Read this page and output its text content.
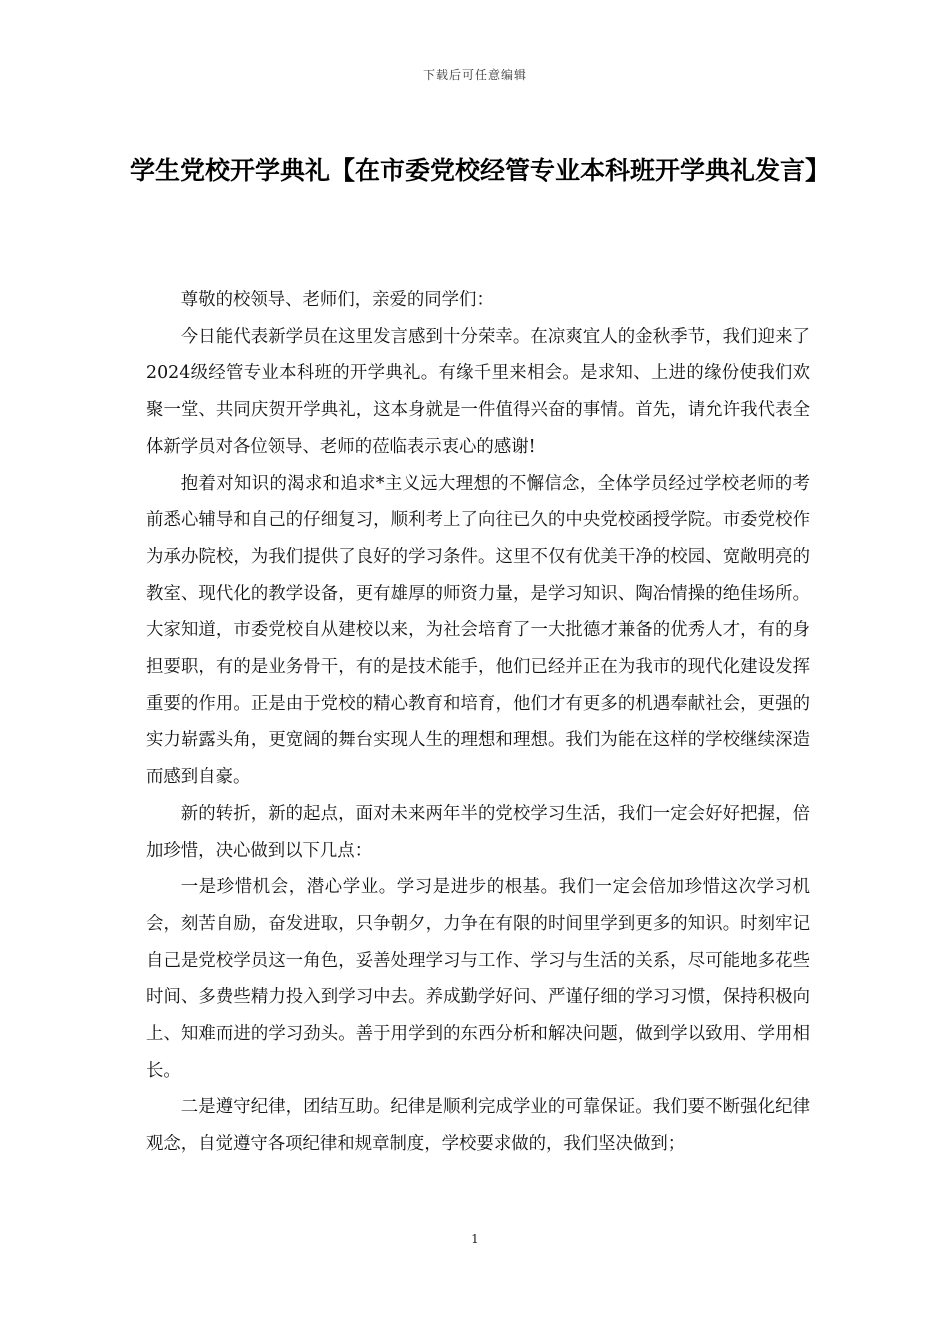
下载后可任意编辑
学生党校开学典礼【在市委党校经管专业本科班开学典礼发言】

尊敬的校领导、老师们，亲爱的同学们：

今日能代表新学员在这里发言感到十分荣幸。在凉爽宜人的金秋季节，我们迎来了2024级经管专业本科班的开学典礼。有缘千里来相会。是求知、上进的缘份使我们欢聚一堂、共同庆贺开学典礼，这本身就是一件值得兴奋的事情。首先，请允许我代表全体新学员对各位领导、老师的莅临表示衷心的感谢!

抱着对知识的渴求和追求*主义远大理想的不懈信念，全体学员经过学校老师的考前悉心辅导和自己的仔细复习，顺利考上了向往已久的中央党校函授学院。市委党校作为承办院校，为我们提供了良好的学习条件。这里不仅有优美干净的校园、宽敞明亮的教室、现代化的教学设备，更有雄厚的师资力量，是学习知识、陶冶情操的绝佳场所。大家知道，市委党校自从建校以来，为社会培育了一大批德才兼备的优秀人才，有的身担要职，有的是业务骨干，有的是技术能手，他们已经并正在为我市的现代化建设发挥重要的作用。正是由于党校的精心教育和培育，他们才有更多的机遇奉献社会，更强的实力崭露头角，更宽阔的舞台实现人生的理想和理想。我们为能在这样的学校继续深造而感到自豪。

新的转折，新的起点，面对未来两年半的党校学习生活，我们一定会好好把握，倍加珍惜，决心做到以下几点：

一是珍惜机会，潜心学业。学习是进步的根基。我们一定会倍加珍惜这次学习机会，刻苦自励，奋发进取，只争朝夕，力争在有限的时间里学到更多的知识。时刻牢记自己是党校学员这一角色，妥善处理学习与工作、学习与生活的关系，尽可能地多花些时间、多费些精力投入到学习中去。养成勤学好问、严谨仔细的学习习惯，保持积极向上、知难而进的学习劲头。善于用学到的东西分析和解决问题，做到学以致用、学用相长。

二是遵守纪律，团结互助。纪律是顺利完成学业的可靠保证。我们要不断强化纪律观念，自觉遵守各项纪律和规章制度，学校要求做的，我们坚决做到；

1
